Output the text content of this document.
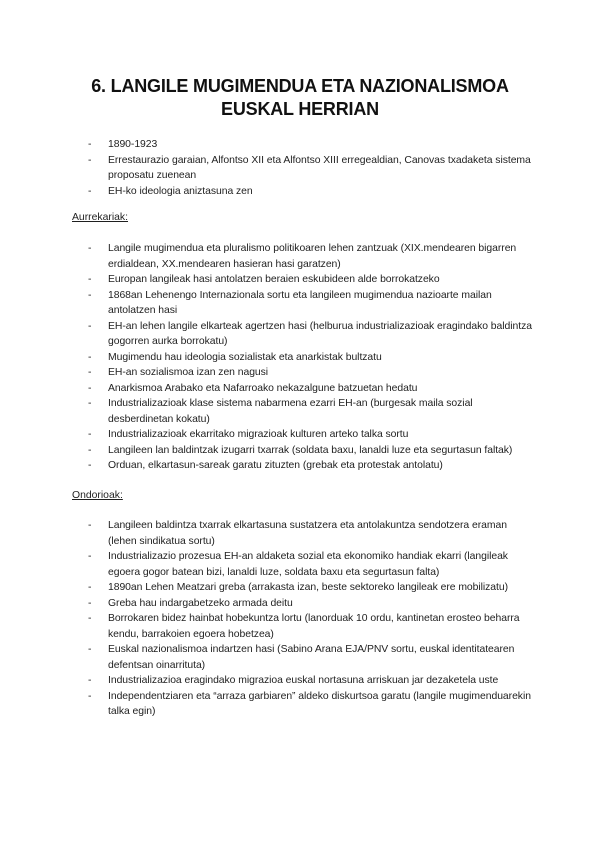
6. LANGILE MUGIMENDUA ETA NAZIONALISMOA
EUSKAL HERRIAN
- 1890-1923
- Errestaurazio garaian, Alfontso XII eta Alfontso XIII erregealdian, Canovas txadaketa sistema proposatu zuenean
- EH-ko ideologia aniztasuna zen
Aurrekariak:
- Langile mugimendua eta pluralismo politikoaren lehen zantzuak (XIX.mendearen bigarren erdialdean, XX.mendearen hasieran hasi garatzen)
- Europan langileak hasi antolatzen beraien eskubideen alde borrokatzeko
- 1868an Lehenengo Internazionala sortu eta langileen mugimendua nazioarte mailan antolatzen hasi
- EH-an lehen langile elkarteak agertzen hasi (helburua industrializazioak eragindako baldintza gogorren aurka borrokatu)
- Mugimendu hau ideologia sozialistak eta anarkistak bultzatu
- EH-an sozialismoa izan zen nagusi
- Anarkismoa Arabako eta Nafarroako nekazalgune batzuetan hedatu
- Industrializazioak klase sistema nabarmena ezarri EH-an (burgesak maila sozial desberdinetan kokatu)
- Industrializazioak ekarritako migrazioak kulturen arteko talka sortu
- Langileen lan baldintzak izugarri txarrak (soldata baxu, lanaldi luze eta segurtasun faltak)
- Orduan, elkartasun-sareak garatu zituzten (grebak eta protestak antolatu)
Ondorioak:
- Langileen baldintza txarrak elkartasuna sustatzera eta antolakuntza sendotzera eraman (lehen sindikatua sortu)
- Industrializazio prozesua EH-an aldaketa sozial eta ekonomiko handiak ekarri (langileak egoera gogor batean bizi, lanaldi luze, soldata baxu eta segurtasun falta)
- 1890an Lehen Meatzari greba (arrakasta izan, beste sektoreko langileak ere mobilizatu)
- Greba hau indargabetzeko armada deitu
- Borrokaren bidez hainbat hobekuntza lortu (lanorduak 10 ordu, kantinetan erosteo beharra kendu, barrakoien egoera hobetzea)
- Euskal nazionalismoa indartzen hasi (Sabino Arana EJA/PNV sortu, euskal identitatearen defentsan oinarrituta)
- Industrializazioa eragindako migrazioa euskal nortasuna arriskuan jar dezaketela uste
- Independentziaren eta “arraza garbiaren” aldeko diskurtsoa garatu (langile mugimenduarekin talka egin)
